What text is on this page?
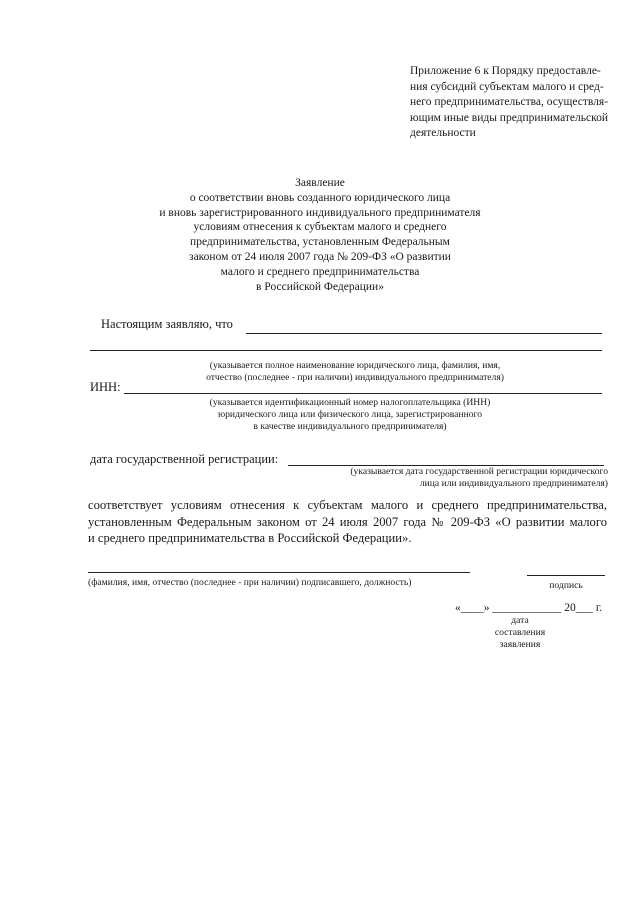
Приложение 6 к Порядку предоставле-
ния субсидий субъектам малого и сред-
него предпринимательства, осуществля-
ющим иные виды предпринимательской
деятельности
Заявление
о соответствии вновь созданного юридического лица
и вновь зарегистрированного индивидуального предпринимателя
условиям отнесения к субъектам малого и среднего
предпринимательства, установленным Федеральным
законом от 24 июля 2007 года № 209-ФЗ «О развитии
малого и среднего предпринимательства
в Российской Федерации»
Настоящим заявляю, что
(указывается полное наименование юридического лица, фамилия, имя,
отчество (последнее - при наличии) индивидуального предпринимателя)
ИНН:
(указывается идентификационный номер налогоплательщика (ИНН)
юридического лица или физического лица, зарегистрированного
в качестве индивидуального предпринимателя)
дата государственной регистрации:
(указывается дата государственной регистрации юридического
лица или индивидуального предпринимателя)
соответствует условиям отнесения к субъектам малого и среднего предпринимательства,
установленным Федеральным законом от 24 июля 2007 года № 209-ФЗ «О развитии малого
и среднего предпринимательства в Российской Федерации».
(фамилия, имя, отчество (последнее - при наличии) подписавшего, должность)	подпись
«____» ____________ 20___ г.
дата
составления
заявления
